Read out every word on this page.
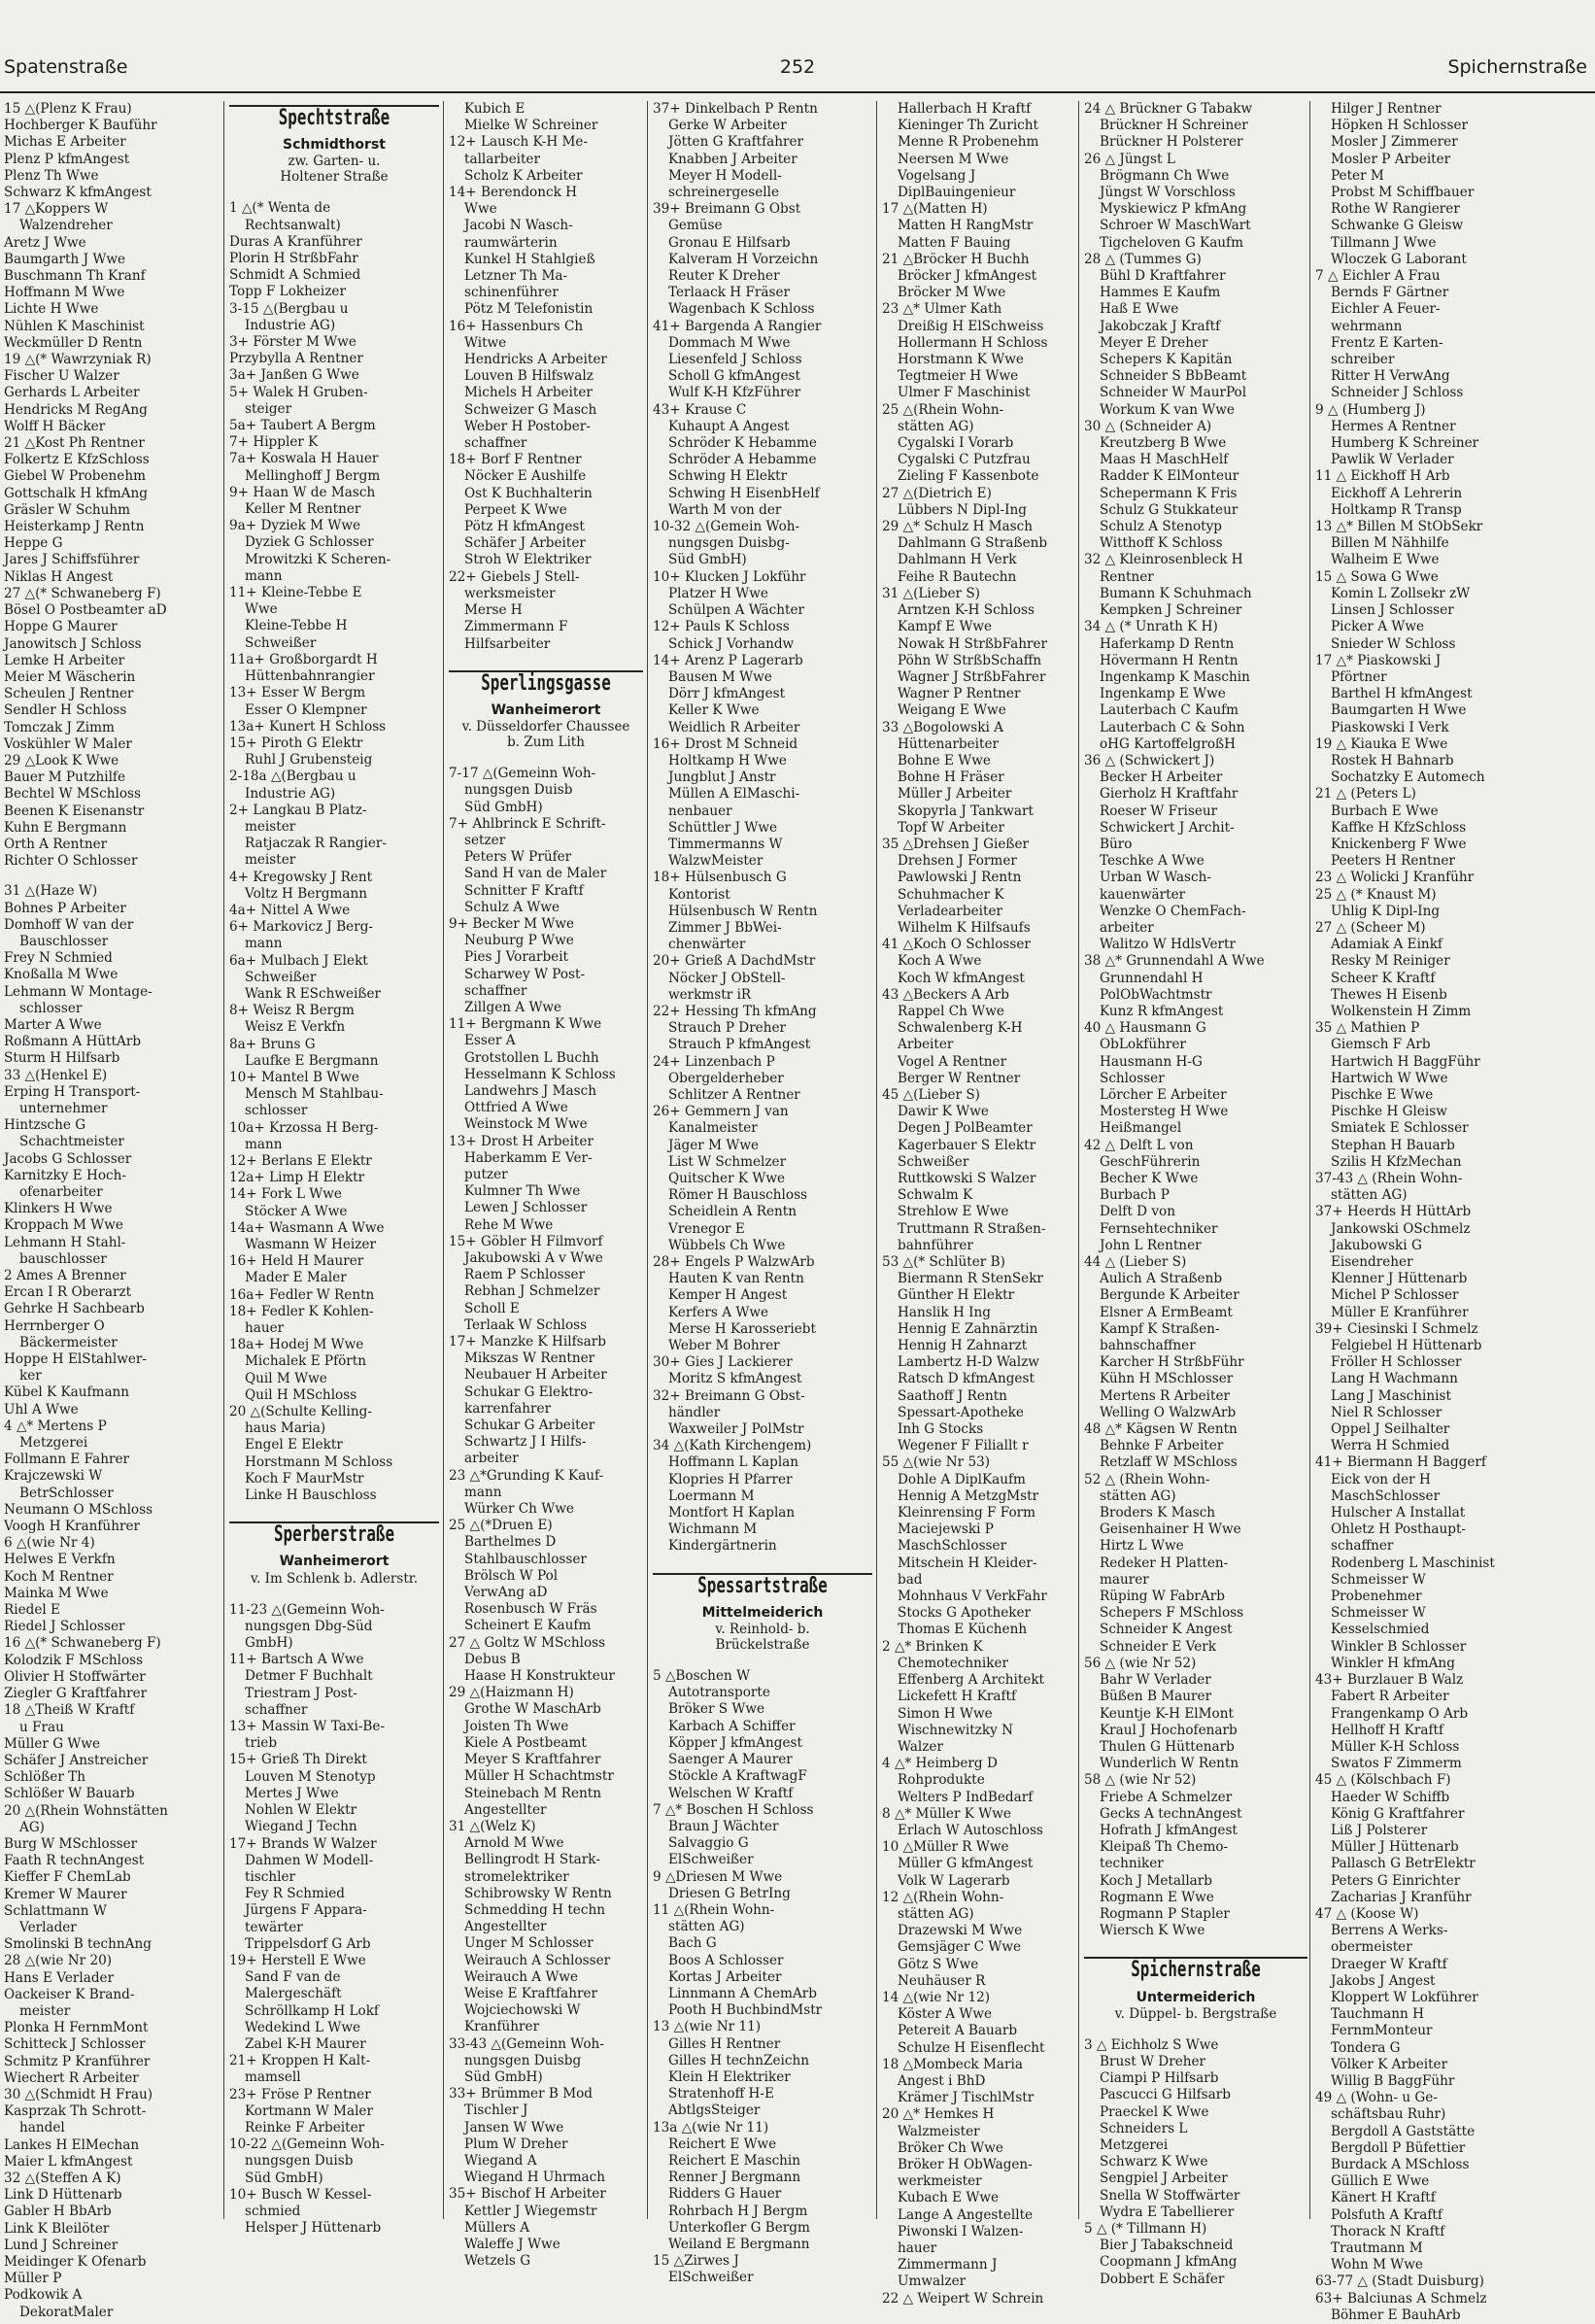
Spatenstraße	252	Spichernstraße
15 △(Plenz K Frau)
Hochberger K Bauführ
Michas E Arbeiter
Plenz P kfmAngest
Plenz Th Wwe
Schwarz K kfmAngest
17 △Koppers W
Walzendreher
Aretz J Wwe
Baumgarth J Wwe
Buschmann Th Kranf
Hoffmann M Wwe
Lichte H Wwe
Nühlen K Maschinist
Weckmüller D Rentn
19 △(* Wawrzyniak R)
Fischer U Walzer
Gerhards L Arbeiter
Hendricks M RegAng
Wolff H Bäcker
21 △Kost Ph Rentner
Folkertz E KfzSchloss
Giebel W Probenehm
Gottschalk H kfmAng
Gräsler W Schuhm
Heisterkamp J Rentn
Heppe G
Jares J Schiffsführer
Niklas H Angest
27 △(* Schwaneberg F)
Bösel O Postbeamter aD
Hoppe G Maurer
Janowitsch J Schloss
Lemke H Arbeiter
Meier M Wäscherin
Scheulen J Rentner
Sendler H Schloss
Tomczak J Zimm
Voskühler W Maler
29 △Look K Wwe
Bauer M Putzhilfe
Bechtel W MSchloss
Beenen K Eisenanstr
Kuhn E Bergmann
Orth A Rentner
Richter O Schlosser
31 △(Haze W)
Bohnes P Arbeiter
Domhoff W van der
Bauschlosser
Frey N Schmied
Knoßalla M Wwe
Lehmann W Montage-
schlosser
Marter A Wwe
Roßmann A HüttArb
Sturm H Hilfsarb
33 △(Henkel E)
Erping H Transport-
unternehmer
Hintzsche G
Schachtmeister
Jacobs G Schlosser
Karnitzky E Hoch-
ofenarbeiter
Klinkers H Wwe
Kroppach M Wwe
Lehmann H Stahl-
bauschlosser
2 Ames A Brenner
Ercan I R Oberarzt
Gehrke H Sachbearb
Herrnberger O
Bäckermeister
Hoppe H ElStahlwer-
ker
Kübel K Kaufmann
Uhl A Wwe
4 △* Mertens P
Metzgerei
Follmann E Fahrer
Krajczewski W
BetrSchlosser
Neumann O MSchloss
Voogh H Kranführer
6 △(wie Nr 4)
Helwes E Verkfn
Koch M Rentner
Mainka M Wwe
Riedel E
Riedel J Schlosser
16 △(* Schwaneberg F)
Kolodzik F MSchloss
Olivier H Stoffwärter
Ziegler G Kraftfahrer
18 △Theiß W Kraftf
u Frau
Müller G Wwe
Schäfer J Anstreicher
Schlößer Th
Schlößer W Bauarb
20 △(Rhein Wohnstätten
AG)
Burg W MSchlosser
Faath R technAngest
Kieffer F ChemLab
Kremer W Maurer
Schlattmann W
Verlader
Smolinski B technAng
28 △(wie Nr 20)
Hans E Verlader
Oackeiser K Brand-
meister
Plonka H FernmMont
Schitteck J Schlosser
Schmitz P Kranführer
Wiechert R Arbeiter
30 △(Schmidt H Frau)
Kasprzak Th Schrott-
handel
Lankes H ElMechan
Maier L kfmAngest
32 △(Steffen A K)
Link D Hüttenarb
Gabler H BbArb
Link K Bleilöter
Lund J Schreiner
Meidinger K Ofenarb
Müller P
Podkowik A
DekoratMaler
Spechtstraße
Schmidthorst
zw. Garten- u.
Holtener Straße
1 △(* Wenta de
Rechtsanwalt)
Duras A Kranführer
Plorin H StrßbFahr
Schmidt A Schmied
Topp F Lokheizer
3-15 △(Bergbau u
Industrie AG)
3+ Förster M Wwe
Przybylla A Rentner
3a+ Janßen G Wwe
5+ Walek H Gruben-
steiger
5a+ Taubert A Bergm
7+ Hippler K
7a+ Koswala H Hauer
Mellinghoff J Bergm
9+ Haan W de Masch
Keller M Rentner
9a+ Dyziek M Wwe
Dyziek G Schlosser
Mrowitzki K Scheren-
mann
11+ Kleine-Tebbe E
Wwe
Kleine-Tebbe H
Schweißer
11a+ Großborgardt H
Hüttenbahnrangier
13+ Esser W Bergm
Esser O Klempner
13a+ Kunert H Schloss
15+ Piroth G Elektr
Ruhl J Grubensteig
2-18a △(Bergbau u
Industrie AG)
2+ Langkau B Platz-
meister
Ratjaczak R Rangier-
meister
4+ Kregowsky J Rent
Voltz H Bergmann
4a+ Nittel A Wwe
6+ Markovicz J Berg-
mann
6a+ Mulbach J Elekt
Schweißer
Wank R ESchweißer
8+ Weisz R Bergm
Weisz E Verkfn
8a+ Bruns G
Laufke E Bergmann
10+ Mantel B Wwe
Mensch M Stahlbau-
schlosser
10a+ Krzossa H Berg-
mann
12+ Berlans E Elektr
12a+ Limp H Elektr
14+ Fork L Wwe
Stöcker A Wwe
14a+ Wasmann A Wwe
Wasmann W Heizer
16+ Held H Maurer
Mader E Maler
16a+ Fedler W Rentn
18+ Fedler K Kohlen-
hauer
18a+ Hodej M Wwe
Michalek E Pförtn
Quil M Wwe
Quil H MSchloss
20 △(Schulte Kelling-
haus Maria)
Engel E Elektr
Horstmann M Schloss
Koch F MaurMstr
Linke H Bauschloss
Sperberstraße
Wanheimerort
v. Im Schlenk b. Adlerstr.
11-23 △(Gemeinn Woh-
nungsgen Dbg-Süd
GmbH)
11+ Bartsch A Wwe
Detmer F Buchhalt
Triestram J Post-
schaffner
13+ Massin W Taxi-Be-
trieb
15+ Grieß Th Direkt
Louven M Stenotyp
Mertes J Wwe
Nohlen W Elektr
Wiegand J Techn
17+ Brands W Walzer
Dahmen W Modell-
tischler
Fey R Schmied
Jürgens F Appara-
tewärter
Trippelsdorf G Arb
19+ Herstell E Wwe
Sand F van de
Malergeschäft
Schröllkamp H Lokf
Wedekind L Wwe
Zabel K-H Maurer
21+ Kroppen H Kalt-
mamsell
23+ Fröse P Rentner
Kortmann W Maler
Reinke F Arbeiter
10-22 △(Gemeinn Woh-
nungsgen Duisb
Süd GmbH)
10+ Busch W Kessel-
schmied
Helsper J Hüttenarb
Kubich E
Mielke W Schreiner
12+ Lausch K-H Me-
tallarbeiter
Scholz K Arbeiter
14+ Berendonck H
Wwe
Jacobi N Wasch-
raumwärterin
Kunkel H Stahlgieß
Letzner Th Ma-
schinenführer
Pötz M Telefonistin
16+ Hassenburs Ch
Witwe
Hendricks A Arbeiter
Louven B Hilfswalz
Michels H Arbeiter
Schweizer G Masch
Weber H Postober-
schaffner
18+ Borf F Rentner
Nöcker E Aushilfe
Ost K Buchhalterin
Perpeet K Wwe
Pötz H kfmAngest
Schäfer J Arbeiter
Stroh W Elektriker
22+ Giebels J Stell-
werksmeister
Merse H
Zimmermann F
Hilfsarbeiter
Sperlingsgasse
Wanheimerort
v. Düsseldorfer Chaussee
b. Zum Lith
7-17 △(Gemeinn Woh-
nungsgen Duisb
Süd GmbH)
7+ Ahlbrinck E Schrift-
setzer
Peters W Prüfer
Sand H van de Maler
Schnitter F Kraftf
Schulz A Wwe
9+ Becker M Wwe
Neuburg P Wwe
Pies J Vorarbeit
Scharwey W Post-
schaffner
Zillgen A Wwe
11+ Bergmann K Wwe
Esser A
Grotstollen L Buchh
Hesselmann K Schloss
Landwehrs J Masch
Ottfried A Wwe
Weinstock M Wwe
13+ Drost H Arbeiter
Haberkamm E Ver-
putzer
Kulmner Th Wwe
Lewen J Schlosser
Rehe M Wwe
15+ Göbler H Filmvorf
Jakubowski A v Wwe
Raem P Schlosser
Rebhan J Schmelzer
Scholl E
Terlaak W Schloss
17+ Manzke K Hilfsarb
Mikszas W Rentner
Neubauer H Arbeiter
Schukar G Elektro-
karrenfahrer
Schukar G Arbeiter
Schwartz J I Hilfs-
arbeiter
23 △*Grunding K Kauf-
mann
Würker Ch Wwe
25 △(*Druen E)
Barthelmes D
Stahlbauschlosser
Brölsch W Pol
VerwAng aD
Rosenbusch W Fräs
Scheinert E Kaufm
27 △ Goltz W MSchloss
Debus B
Haase H Konstrukteur
29 △(Haizmann H)
Grothe W MaschArb
Joisten Th Wwe
Kiele A Postbeamt
Meyer S Kraftfahrer
Müller H Schachtmstr
Steinebach M Rentn
Angestellter
31 △(Welz K)
Arnold M Wwe
Bellingrodt H Stark-
stromelektriker
Schibrowsky W Rentn
Schmedding H techn
Angestellter
Unger M Schlosser
Weirauch A Schlosser
Weirauch A Wwe
Weise E Kraftfahrer
Wojciechowski W
Kranführer
33-43 △(Gemeinn Woh-
nungsgen Duisbg
Süd GmbH)
33+ Brümmer B Mod
Tischler J
Jansen W Wwe
Plum W Dreher
Wiegand A
Wiegand H Uhrmach
35+ Bischof H Arbeiter
Kettler J Wiegemstr
Müllers A
Waleffe J Wwe
Wetzels G
37+ Dinkelbach P Rentn
Gerke W Arbeiter
Jötten G Kraftfahrer
Knabben J Arbeiter
Meyer H Modell-
schreinergeselle
39+ Breimann G Obst
Gemüse
Gronau E Hilfsarb
Kalveram H Vorzeichn
Reuter K Dreher
Terlaack H Fräser
Wagenbach K Schloss
41+ Bargenda A Rangier
Dommach M Wwe
Liesenfeld J Schloss
Scholl G kfmAngest
Wulf K-H KfzFührer
43+ Krause C
Kuhaupt A Angest
Schröder K Hebamme
Schröder A Hebamme
Schwing H Elektr
Schwing H EisenbHelf
Warth M von der
10-32 △(Gemein Woh-
nungsgen Duisbg-
Süd GmbH)
10+ Klucken J Lokführ
Platzer H Wwe
Schülpen A Wächter
12+ Pauls K Schloss
Schick J Vorhandw
14+ Arenz P Lagerarb
Bausen M Wwe
Dörr J kfmAngest
Keller K Wwe
Weidlich R Arbeiter
16+ Drost M Schneid
Holtkamp H Wwe
Jungblut J Anstr
Müllen A ElMaschi-
nenbauer
Schüttler J Wwe
Timmermanns W
WalzwMeister
18+ Hülsenbusch G
Kontorist
Hülsenbusch W Rentn
Zimmer J BbWei-
chenwärter
20+ Grieß A DachdMstr
Nöcker J ObStell-
werkmstr iR
22+ Hessing Th kfmAng
Strauch P Dreher
Strauch P kfmAngest
24+ Linzenbach P
Obergelderheber
Schlitzer A Rentner
26+ Gemmern J van
Kanalmeister
Jäger M Wwe
List W Schmelzer
Quitscher K Wwe
Römer H Bauschloss
Scheidlein A Rentn
Vrenegor E
Wübbels Ch Wwe
28+ Engels P WalzwArb
Hauten K van Rentn
Kemper H Angest
Kerfers A Wwe
Merse H Karosseriebt
Weber M Bohrer
30+ Gies J Lackierer
Moritz S kfmAngest
32+ Breimann G Obst-
händler
Waxweiler J PolMstr
34 △(Kath Kirchengem)
Hoffmann L Kaplan
Klopries H Pfarrer
Loermann M
Montfort H Kaplan
Wichmann M
Kindergärtnerin
Spessartstraße
Mittelmeiderich
v. Reinhold- b.
Brückelstraße
5 △Boschen W
Autotransporte
Bröker S Wwe
Karbach A Schiffer
Köpper J kfmAngest
Saenger A Maurer
Stöckle A KraftwagF
Welschen W Kraftf
7 △* Boschen H Schloss
Braun J Wächter
Salvaggio G
ElSchweißer
9 △Driesen M Wwe
Driesen G BetrIng
11 △(Rhein Wohn-
stätten AG)
Bach G
Boos A Schlosser
Kortas J Arbeiter
Linnmann A ChemArb
Pooth H BuchbindMstr
13 △(wie Nr 11)
Gilles H Rentner
Gilles H technZeichn
Klein H Elektriker
Stratenhoff H-E
AbtlgsSteiger
13a △(wie Nr 11)
Reichert E Wwe
Reichert E Maschin
Renner J Bergmann
Ridders G Hauer
Rohrbach H J Bergm
Unterkofler G Bergm
Weiland E Bergmann
15 △Zirwes J
ElSchweißer
Hallerbach H Kraftf
Kieninger Th Zuricht
Menne R Probenehm
Neersen M Wwe
Vogelsang J
DiplBauingenieur
17 △(Matten H)
Matten H RangMstr
Matten F Bauing
21 △Bröcker H Buchh
Bröcker J kfmAngest
Bröcker M Wwe
23 △* Ulmer Kath
Dreißig H ElSchweiss
Hollermann H Schloss
Horstmann K Wwe
Tegtmeier H Wwe
Ulmer F Maschinist
25 △(Rhein Wohn-
stätten AG)
Cygalski I Vorarb
Cygalski C Putzfrau
Zieling F Kassenbote
27 △(Dietrich E)
Lübbers N Dipl-Ing
29 △* Schulz H Masch
Dahlmann G Straßenb
Dahlmann H Verk
Feihe R Bautechn
31 △(Lieber S)
Arntzen K-H Schloss
Kampf E Wwe
Nowak H StrßbFahrer
Pöhn W StrßbSchaffn
Wagner J StrßbFahrer
Wagner P Rentner
Weigang E Wwe
33 △Bogolowski A
Hüttenarbeiter
Bohne E Wwe
Bohne H Fräser
Müller J Arbeiter
Skopyrla J Tankwart
Topf W Arbeiter
35 △Drehsen J Gießer
Drehsen J Former
Pawlowski J Rentn
Schuhmacher K
Verladearbeiter
Wilhelm K Hilfsaufs
41 △Koch O Schlosser
Koch A Wwe
Koch W kfmAngest
43 △Beckers A Arb
Rappel Ch Wwe
Schwalenberg K-H
Arbeiter
Vogel A Rentner
Berger W Rentner
45 △(Lieber S)
Dawir K Wwe
Degen J PolBeamter
Kagerbauer S Elektr
Schweißer
Ruttkowski S Walzer
Schwalm K
Strehlow E Wwe
Truttmann R Straßen-
bahnführer
53 △(* Schlüter B)
Biermann R StenSekr
Günther H Elektr
Hanslik H Ing
Hennig E Zahnärztin
Hennig H Zahnarzt
Lambertz H-D Walzw
Ratsch D kfmAngest
Saathoff J Rentn
Spessart-Apotheke
Inh G Stocks
Wegener F Filiallt r
55 △(wie Nr 53)
Dohle A DiplKaufm
Hennig A MetzgMstr
Kleinrensing F Form
Maciejewski P
MaschSchlosser
Mitschein H Kleider-
bad
Mohnhaus V VerkFahr
Stocks G Apotheker
Thomas E Küchenh
2 △* Brinken K
Chemotechniker
Effenberg A Architekt
Lickefett H Kraftf
Simon H Wwe
Wischnewitzky N
Walzer
4 △* Heimberg D
Rohprodukte
Welters P IndBedarf
8 △* Müller K Wwe
Erlach W Autoschloss
10 △Müller R Wwe
Müller G kfmAngest
Volk W Lagerarb
12 △(Rhein Wohn-
stätten AG)
Drazewski M Wwe
Gemsjäger C Wwe
Götz S Wwe
Neuhäuser R
14 △(wie Nr 12)
Köster A Wwe
Petereit A Bauarb
Schulze H Eisenflecht
18 △Mombeck Maria
Angest i BhD
Krämer J TischlMstr
20 △* Hemkes H
Walzmeister
Bröker Ch Wwe
Bröker H ObWagen-
werkmeister
Kubach E Wwe
Lange A Angestellte
Piwonski I Walzen-
hauer
Zimmermann J
Umwalzer
22 △ Weipert W Schrein
24 △ Brückner G Tabakw
Brückner H Schreiner
Brückner H Polsterer
26 △ Jüngst L
Brögmann Ch Wwe
Jüngst W Vorschloss
Myskiewicz P kfmAng
Schroer W MaschWart
Tigcheloven G Kaufm
28 △ (Tummes G)
Bühl D Kraftfahrer
Hammes E Kaufm
Haß E Wwe
Jakobczak J Kraftf
Meyer E Dreher
Schepers K Kapitän
Schneider S BbBeamt
Schneider W MaurPol
Workum K van Wwe
30 △ (Schneider A)
Kreutzberg B Wwe
Maas H MaschHelf
Radder K ElMonteur
Schepermann K Fris
Schulz G Stukkateur
Schulz A Stenotyp
Witthoff K Schloss
32 △ Kleinrosenbleck H
Rentner
Bumann K Schuhmach
Kempken J Schreiner
34 △ (* Unrath K H)
Haferkamp D Rentn
Hövermann H Rentn
Ingenkamp K Maschin
Ingenkamp E Wwe
Lauterbach C Kaufm
Lauterbach C & Sohn
oHG KartoffelgroßH
36 △ (Schwickert J)
Becker H Arbeiter
Gierholz H Kraftfahr
Roeser W Friseur
Schwickert J Archit-
Büro
Teschke A Wwe
Urban W Wasch-
kauenwärter
Wenzke O ChemFach-
arbeiter
Walitzo W HdlsVertr
38 △* Grunnendahl A Wwe
Grunnendahl H
PolObWachtmstr
Kunz R kfmAngest
40 △ Hausmann G
ObLokführer
Hausmann H-G
Schlosser
Lörcher E Arbeiter
Mostersteg H Wwe
Heißmangel
42 △ Delft L von
GeschFührerin
Becher K Wwe
Burbach P
Delft D von
Fernsehtechniker
John L Rentner
44 △ (Lieber S)
Aulich A Straßenb
Bergunde K Arbeiter
Elsner A ErmBeamt
Kampf K Straßen-
bahnschaffner
Karcher H StrßbFühr
Kühn H MSchlosser
Mertens R Arbeiter
Welling O WalzwArb
48 △* Kägsen W Rentn
Behnke F Arbeiter
Retzlaff W MSchloss
52 △ (Rhein Wohn-
stätten AG)
Broders K Masch
Geisenhainer H Wwe
Hirtz L Wwe
Redeker H Platten-
maurer
Rüping W FabrArb
Schepers F MSchloss
Schneider K Angest
Schneider E Verk
56 △ (wie Nr 52)
Bahr W Verlader
Büßen B Maurer
Keuntje K-H ElMont
Kraul J Hochofenarb
Thulen G Hüttenarb
Wunderlich W Rentn
58 △ (wie Nr 52)
Friebe A Schmelzer
Gecks A technAngest
Hofrath J kfmAngest
Kleipaß Th Chemo-
techniker
Koch J Metallarb
Rogmann E Wwe
Rogmann P Stapler
Wiersch K Wwe
Spichernstraße
Untermeiderich
v. Düppel- b. Bergstraße
3 △ Eichholz S Wwe
Brust W Dreher
Ciampi P Hilfsarb
Pascucci G Hilfsarb
Praeckel K Wwe
Schneiders L
Metzgerei
Schwarz K Wwe
Sengpiel J Arbeiter
Snella W Stoffwärter
Wydra E Tabellierer
5 △ (* Tillmann H)
Bier J Tabakschneid
Coopmann J kfmAng
Dobbert E Schäfer
Hilger J Rentner
Höpken H Schlosser
Mosler J Zimmerer
Mosler P Arbeiter
Peter M
Probst M Schiffbauer
Rothe W Rangierer
Schwanke G Gleisw
Tillmann J Wwe
Wloczek G Laborant
7 △ Eichler A Frau
Bernds F Gärtner
Eichler A Feuer-
wehrmann
Frentz E Karten-
schreiber
Ritter H VerwAng
Schneider J Schloss
9 △ (Humberg J)
Hermes A Rentner
Humberg K Schreiner
Pawlik W Verlader
11 △ Eickhoff H Arb
Eickhoff A Lehrerin
Holtkamp R Transp
13 △* Billen M StObSekr
Billen M Nähhilfe
Walheim E Wwe
15 △ Sowa G Wwe
Komin L Zollsekr zW
Linsen J Schlosser
Picker A Wwe
Snieder W Schloss
17 △* Piaskowski J
Pförtner
Barthel H kfmAngest
Baumgarten H Wwe
Piaskowski I Verk
19 △ Kiauka E Wwe
Rostek H Bahnarb
Sochatzky E Automech
21 △ (Peters L)
Burbach E Wwe
Kaffke H KfzSchloss
Knickenberg F Wwe
Peeters H Rentner
23 △ Wolicki J Kranführ
25 △ (* Knaust M)
Uhlig K Dipl-Ing
27 △ (Scheer M)
Adamiak A Einkf
Resky M Reiniger
Scheer K Kraftf
Thewes H Eisenb
Wolkenstein H Zimm
35 △ Mathien P
Giemsch F Arb
Hartwich H BaggFühr
Hartwich W Wwe
Pischke E Wwe
Pischke H Gleisw
Smiatek E Schlosser
Stephan H Bauarb
Szilis H KfzMechan
37-43 △ (Rhein Wohn-
stätten AG)
37+ Heerds H HüttArb
Jankowski OSchmelz
Jakubowski G
Eisendreher
Klenner J Hüttenarb
Michel P Schlosser
Müller E Kranführer
39+ Ciesinski I Schmelz
Felgiebel H Hüttenarb
Fröller H Schlosser
Lang H Wachmann
Lang J Maschinist
Niel R Schlosser
Oppel J Seilhalter
Werra H Schmied
41+ Biermann H Baggerf
Eick von der H
MaschSchlosser
Hulscher A Installat
Ohletz H Posthaupt-
schaffner
Rodenberg L Maschinist
Schmeisser W
Probenehmer
Schmeisser W
Kesselschmied
Winkler B Schlosser
Winkler H kfmAng
43+ Burzlauer B Walz
Fabert R Arbeiter
Frangenkamp O Arb
Hellhoff H Kraftf
Müller K-H Schloss
Swatos F Zimmerm
45 △ (Kölschbach F)
Haeder W Schiffb
König G Kraftfahrer
Liß J Polsterer
Müller J Hüttenarb
Pallasch G BetrElektr
Peters G Einrichter
Zacharias J Kranführ
47 △ (Koose W)
Berrens A Werks-
obermeister
Draeger W Kraftf
Jakobs J Angest
Kloppert W Lokführer
Tauchmann H
FernmMonteur
Tondera G
Völker K Arbeiter
Willig B BaggFühr
49 △ (Wohn- u Ge-
schäftsbau Ruhr)
Bergdoll A Gaststätte
Bergdoll P Büfettier
Burdack A MSchloss
Güllich E Wwe
Känert H Kraftf
Polsfuth A Kraftf
Thorack N Kraftf
Trautmann M
Wohn M Wwe
63-77 △ (Stadt Duisburg)
63+ Balciunas A Schmelz
Böhmer E BauhArb
